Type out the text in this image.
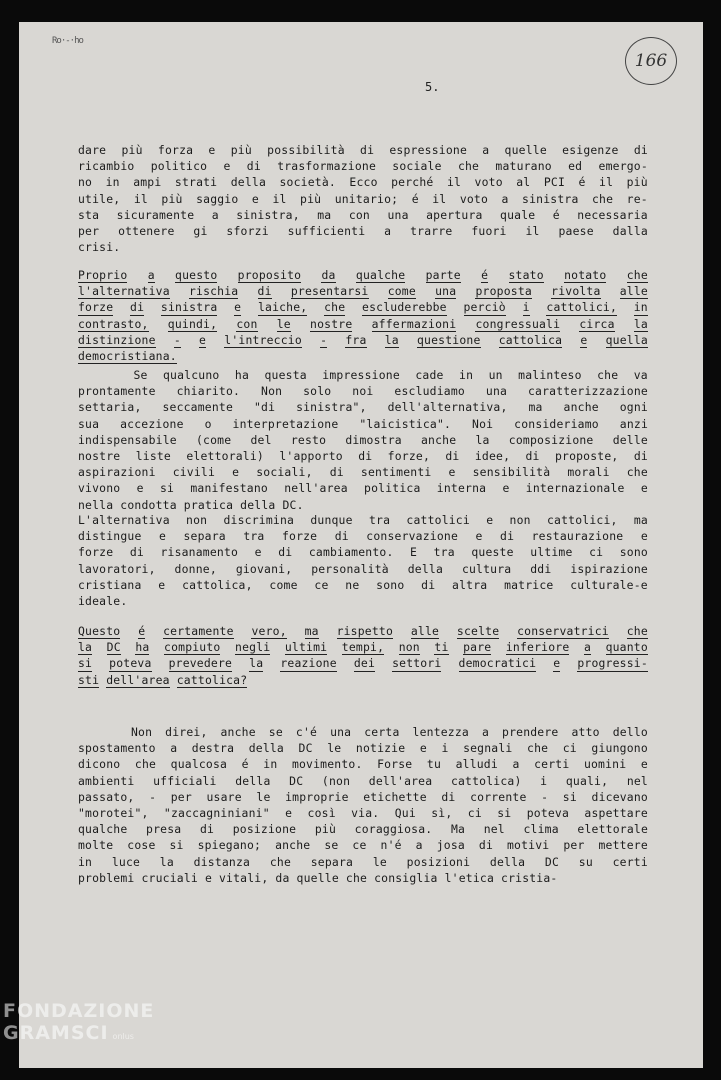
Ro·-·ho
166
5.
dare più forza e più possibilità di espressione a quelle esigenze di
ricambio politico e di trasformazione sociale che maturano ed emergo-
no in ampi strati della società. Ecco perché il voto al PCI é il più
utile, il più saggio e il più unitario; é il voto a sinistra che re-
sta sicuramente a sinistra, ma con una apertura quale é necessaria
per ottenere gi sforzi sufficienti a trarre fuori il paese dalla
crisi.
Proprio a questo proposito da qualche parte é stato notato che
l'alternativa rischia di presentarsi come una proposta rivolta alle
forze di sinistra e laiche, che escluderebbe perciò i cattolici, in
contrasto, quindi, con le nostre affermazioni congressuali circa la
distinzione - e l'intreccio - fra la questione cattolica e quella
democristiana.
Se qualcuno ha questa impressione cade in un malinteso che va
prontamente chiarito. Non solo noi escludiamo una caratterizzazione
settaria, seccamente "di sinistra", dell'alternativa, ma anche ogni
sua accezione o interpretazione "laicistica". Noi consideriamo anzi
indispensabile (come del resto dimostra anche la composizione delle
nostre liste elettorali) l'apporto di forze, di idee, di proposte, di
aspirazioni civili e sociali, di sentimenti e sensibilità morali che
vivono e si manifestano nell'area politica interna e internazionale e
nella condotta pratica della DC.
L'alternativa non discrimina dunque tra cattolici e non cattolici, ma
distingue e separa tra forze di conservazione e di restaurazione e
forze di risanamento e di cambiamento. E tra queste ultime ci sono
lavoratori, donne, giovani, personalità della cultura ddi ispirazione
cristiana e cattolica, come ce ne sono di altra matrice culturale-e
ideale.
Questo é certamente vero, ma rispetto alle scelte conservatrici che
la DC ha compiuto negli ultimi tempi, non ti pare inferiore a quanto
si poteva prevedere la reazione dei settori democratici e progressi-
sti dell'area cattolica?
Non direi, anche se c'é una certa lentezza a prendere atto dello
spostamento a destra della DC le notizie e i segnali che ci giungono
dicono che qualcosa é in movimento. Forse tu alludi a certi uomini e
ambienti ufficiali della DC (non dell'area cattolica) i quali, nel
passato, - per usare le improprie etichette di corrente - si dicevano
"morotei", "zaccagniniani" e così via. Qui sì, ci si poteva aspettare
qualche presa di posizione più coraggiosa. Ma nel clima elettorale
molte cose si spiegano; anche se ce n'é a josa di motivi per mettere
in luce la distanza che separa le posizioni della DC su certi
problemi cruciali e vitali, da quelle che consiglia l'etica cristia-
FONDAZIONE
GRAMSCI onlus
